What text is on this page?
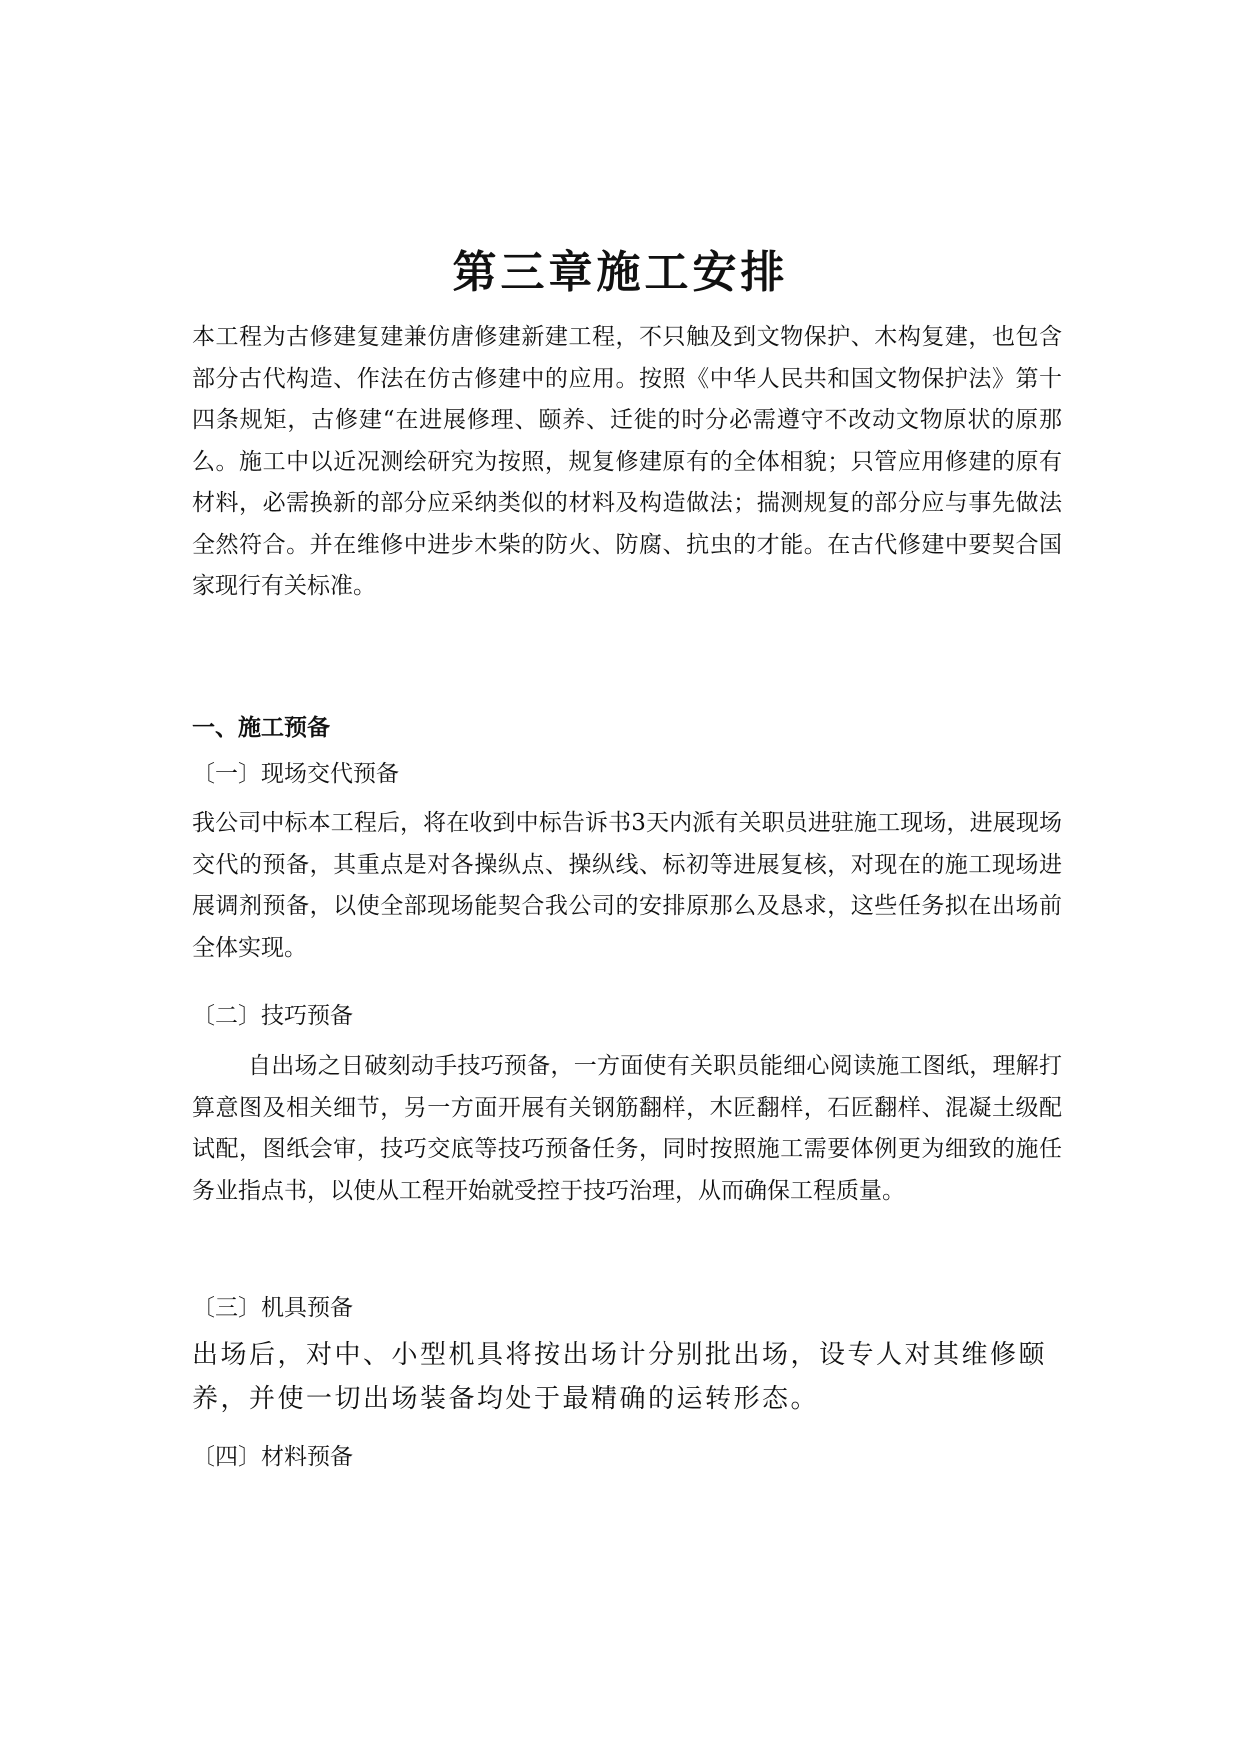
第三章施工安排

本工程为古修建复建兼仿唐修建新建工程，不只触及到文物保护、木构复建，也包含部分古代构造、作法在仿古修建中的应用。按照《中华人民共和国文物保护法》第十四条规矩，古修建“在进展修理、颐养、迁徙的时分必需遵守不改动文物原状的原那么。施工中以近况测绘研究为按照，规复修建原有的全体相貌；只管应用修建的原有材料，必需换新的部分应采纳类似的材料及构造做法；揣测规复的部分应与事先做法全然符合。并在维修中进步木柴的防火、防腐、抗虫的才能。在古代修建中要契合国家现行有关标准。

一、施工预备
〔一〕现场交代预备

我公司中标本工程后，将在收到中标告诉书3天内派有关职员进驻施工现场，进展现场交代的预备，其重点是对各操纵点、操纵线、标初等进展复核，对现在的施工现场进展调剂预备，以使全部现场能契合我公司的安排原那么及恳求，这些任务拟在出场前全体实现。

〔二〕技巧预备

自出场之日破刻动手技巧预备，一方面使有关职员能细心阅读施工图纸，理解打算意图及相关细节，另一方面开展有关钢筋翻样，木匠翻样，石匠翻样、混凝土级配试配，图纸会审，技巧交底等技巧预备任务，同时按照施工需要体例更为细致的施任务业指点书，以使从工程开始就受控于技巧治理，从而确保工程质量。

〔三〕机具预备

出场后，对中、小型机具将按出场计分别批出场，设专人对其维修颐养，并使一切出场装备均处于最精确的运转形态。

〔四〕材料预备
